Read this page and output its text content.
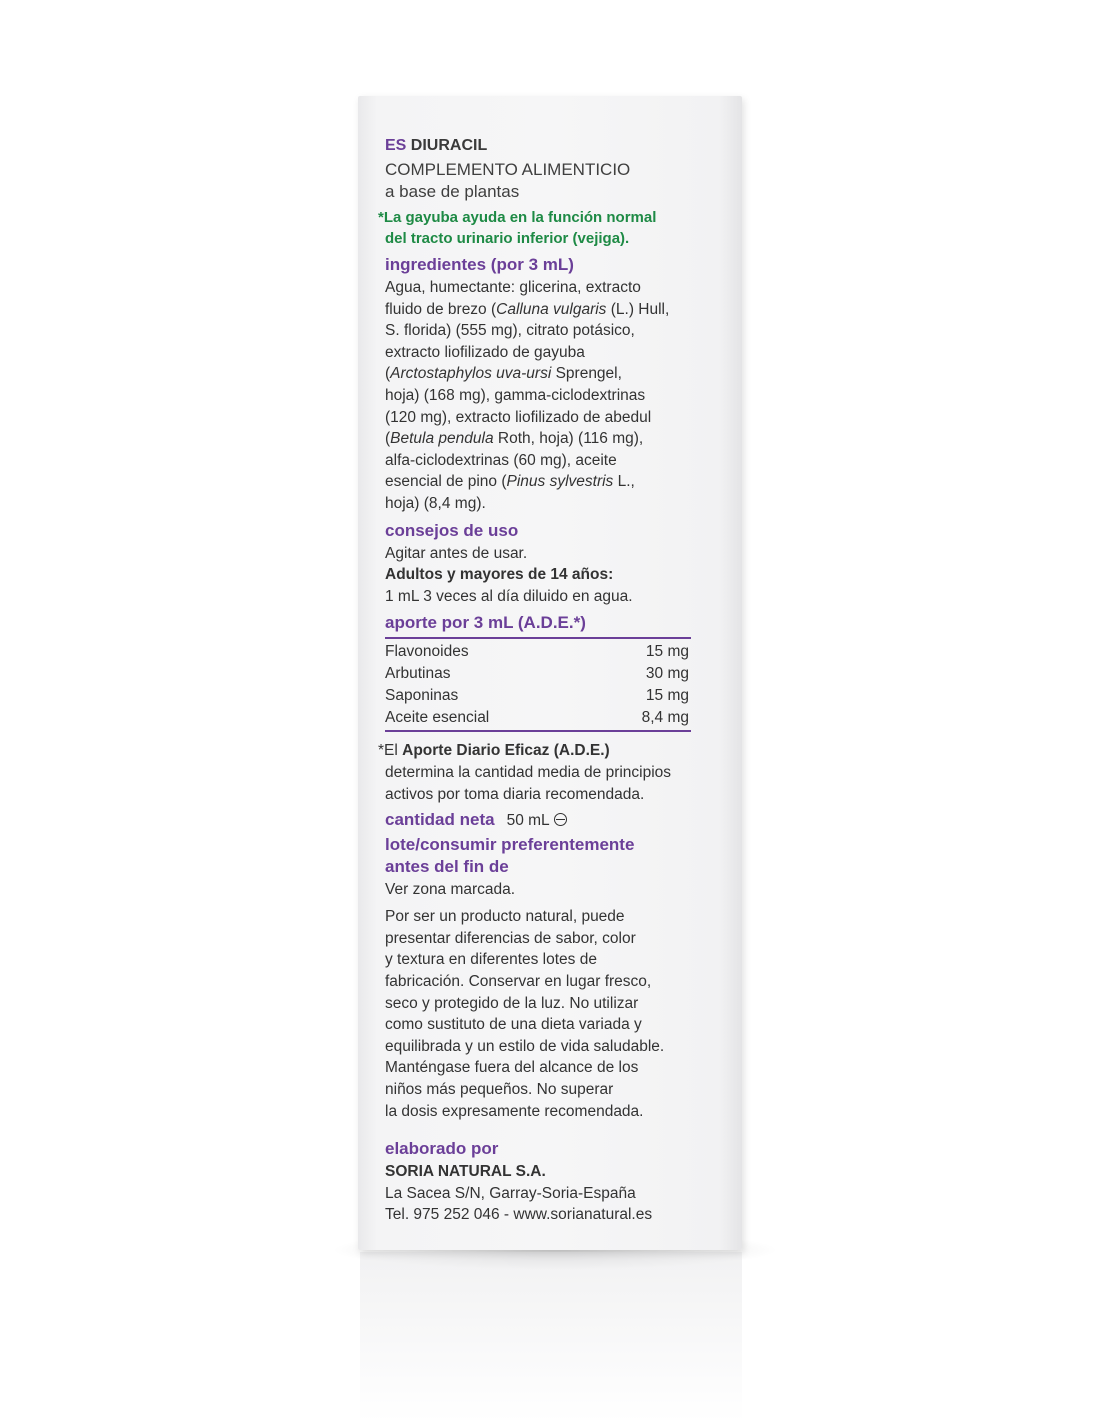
ES DIURACIL

COMPLEMENTO ALIMENTICIO

a base de plantas

*La gayuba ayuda en la función normal
del tracto urinario inferior (vejiga).

ingredientes (por 3 mL)

Agua, humectante: glicerina, extracto
fluido de brezo (Calluna vulgaris (L.) Hull,
S. florida) (555 mg), citrato potásico,
extracto liofilizado de gayuba
(Arctostaphylos uva-ursi Sprengel,
hoja) (168 mg), gamma-ciclodextrinas
(120 mg), extracto liofilizado de abedul
(Betula pendula Roth, hoja) (116 mg),
alfa-ciclodextrinas (60 mg), aceite
esencial de pino (Pinus sylvestris L.,
hoja) (8,4 mg).

consejos de uso

Agitar antes de usar.

Adultos y mayores de 14 años:

1 mL 3 veces al día diluido en agua.

aporte por 3 mL (A.D.E.*)

Flavonoides	15 mg
Arbutinas	30 mg
Saponinas	15 mg
Aceite esencial	8,4 mg

*El Aporte Diario Eficaz (A.D.E.)
determina la cantidad media de principios
activos por toma diaria recomendada.

cantidad neta 50 mL

lote/consumir preferentemente

antes del fin de

Ver zona marcada.

Por ser un producto natural, puede
presentar diferencias de sabor, color
y textura en diferentes lotes de
fabricación. Conservar en lugar fresco,
seco y protegido de la luz. No utilizar
como sustituto de una dieta variada y
equilibrada y un estilo de vida saludable.
Manténgase fuera del alcance de los
niños más pequeños. No superar
la dosis expresamente recomendada.

elaborado por

SORIA NATURAL S.A.

La Sacea S/N, Garray-Soria-España

Tel. 975 252 046 - www.sorianatural.es
